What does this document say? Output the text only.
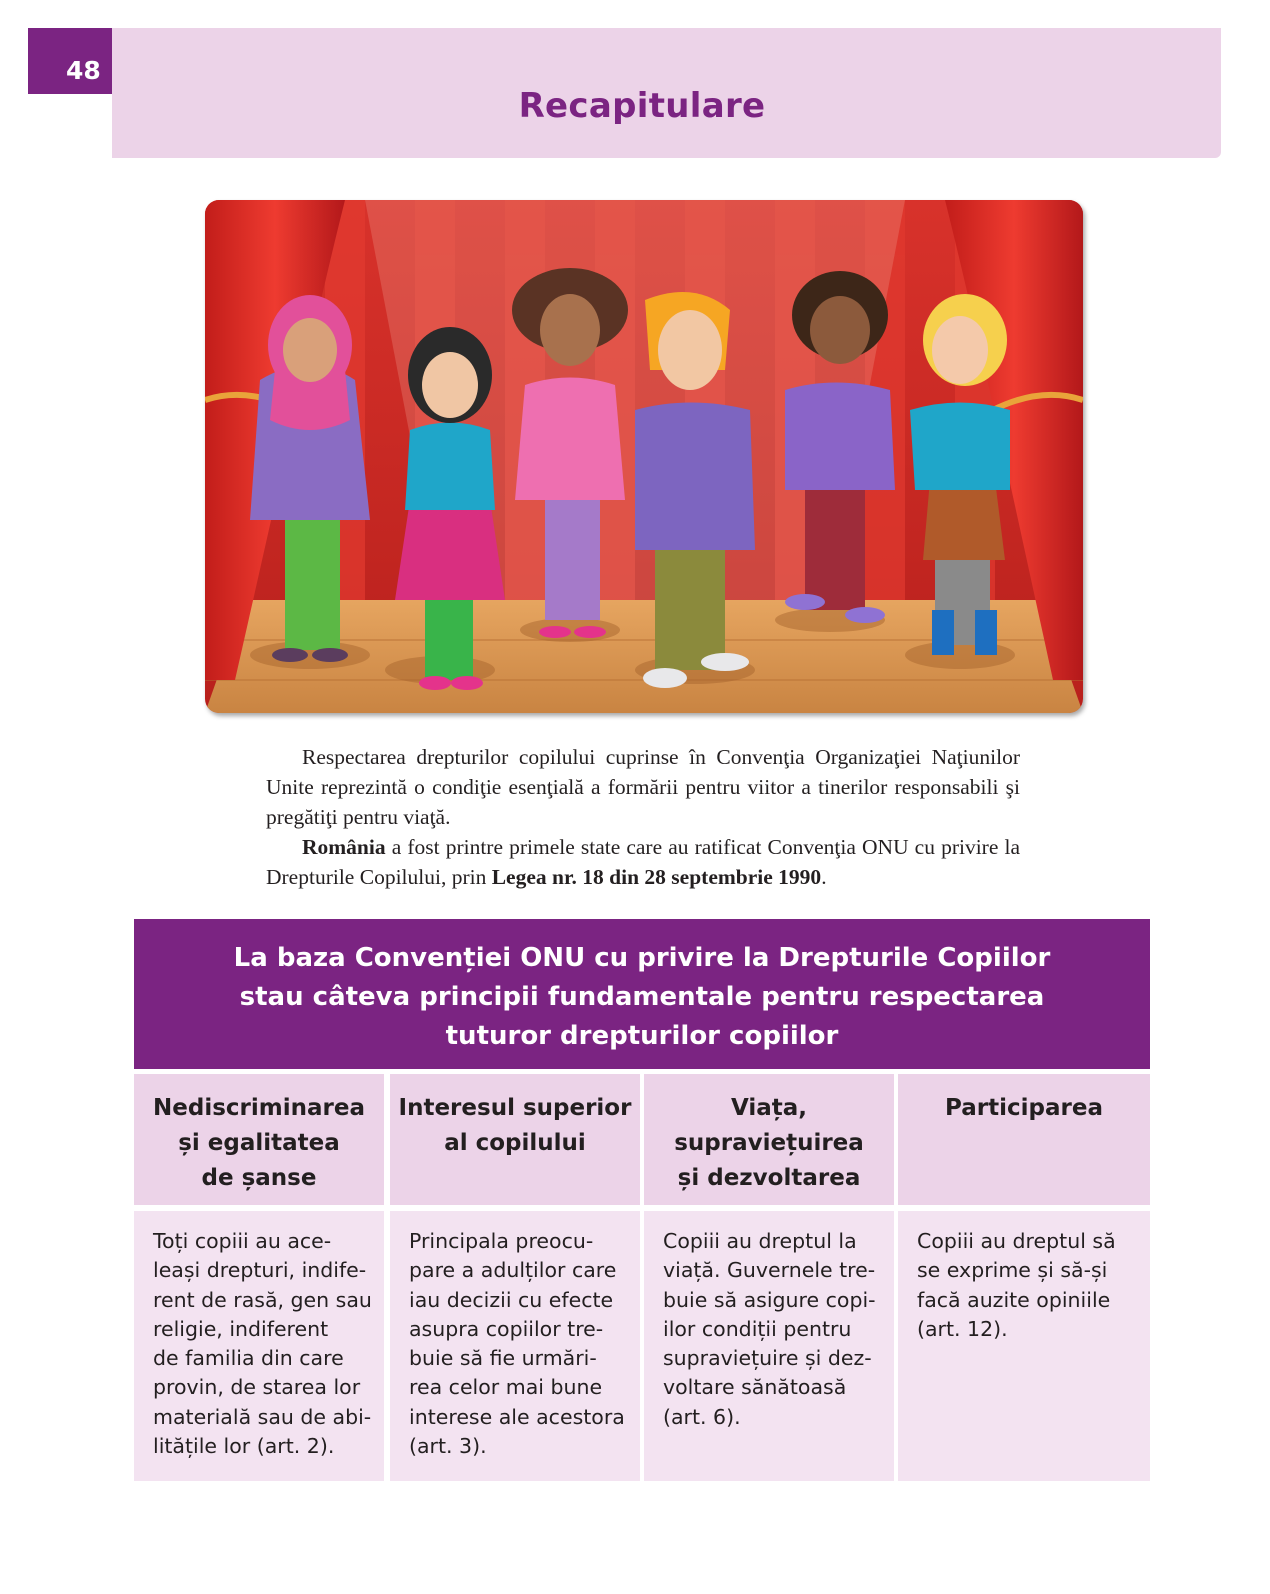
48
Recapitulare

Respectarea drepturilor copilului cuprinse în Convenţia Organizaţiei Naţiunilor Unite reprezintă o condiţie esenţială a formării pentru viitor a tinerilor responsabili şi pregătiţi pentru viaţă.

România a fost printre primele state care au ratificat Convenţia ONU cu privire la Drepturile Copilului, prin Legea nr. 18 din 28 septembrie 1990.

La baza Convenției ONU cu privire la Drepturile Copiilor
stau câteva principii fundamentale pentru respectarea
tuturor drepturilor copiilor
Nediscriminarea
și egalitatea
de șanse
Interesul superior
al copilului
Viața,
supraviețuirea
și dezvoltarea
Participarea
Toți copiii au ace-
leași drepturi, indife-
rent de rasă, gen sau
religie, indiferent
de familia din care
provin, de starea lor
materială sau de abi-
litățile lor (art. 2).
Principala preocu-
pare a adulților care
iau decizii cu efecte
asupra copiilor tre-
buie să fie urmări-
rea celor mai bune
interese ale acestora
(art. 3).
Copiii au dreptul la
viață. Guvernele tre-
buie să asigure copi-
ilor condiții pentru
supraviețuire și dez-
voltare sănătoasă
(art. 6).
Copiii au dreptul să
se exprime și să-și
facă auzite opiniile
(art. 12).
